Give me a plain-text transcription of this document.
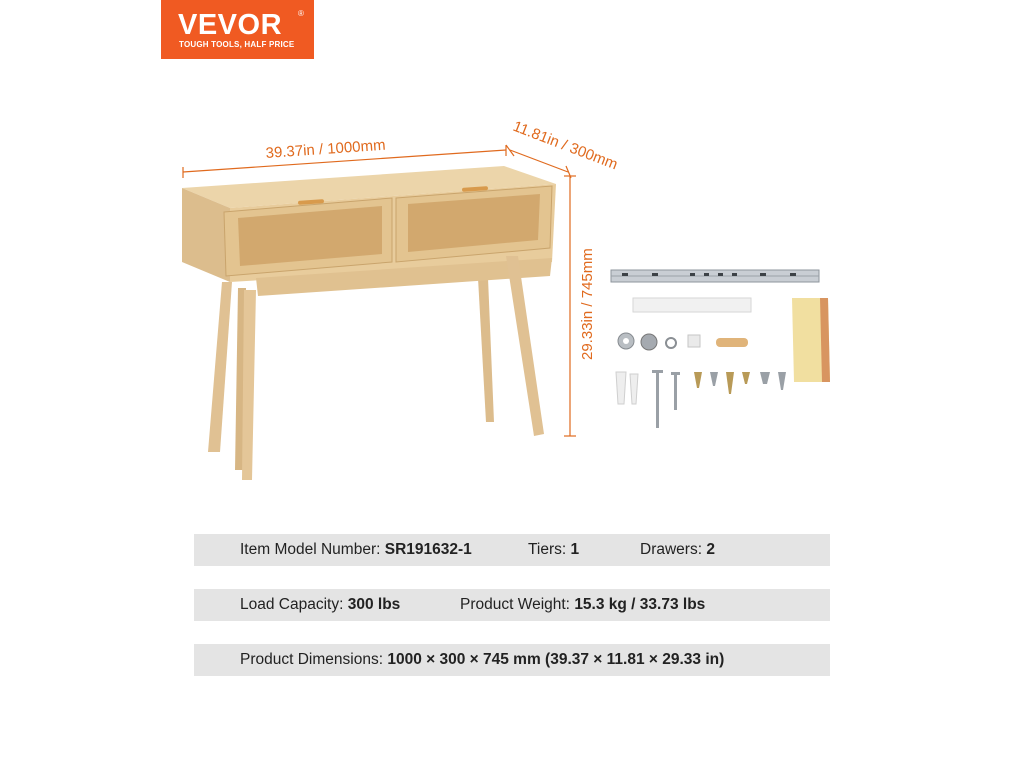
VEVOR ®
TOUGH TOOLS, HALF PRICE
39.37in / 1000mm	11.81in / 300mm
29.33in / 745mm
Item Model Number: SR191632-1	Tiers: 1	Drawers: 2
Load Capacity: 300 lbs	Product Weight: 15.3 kg / 33.73 lbs
Product Dimensions: 1000 × 300 × 745 mm (39.37 × 11.81 × 29.33 in)
